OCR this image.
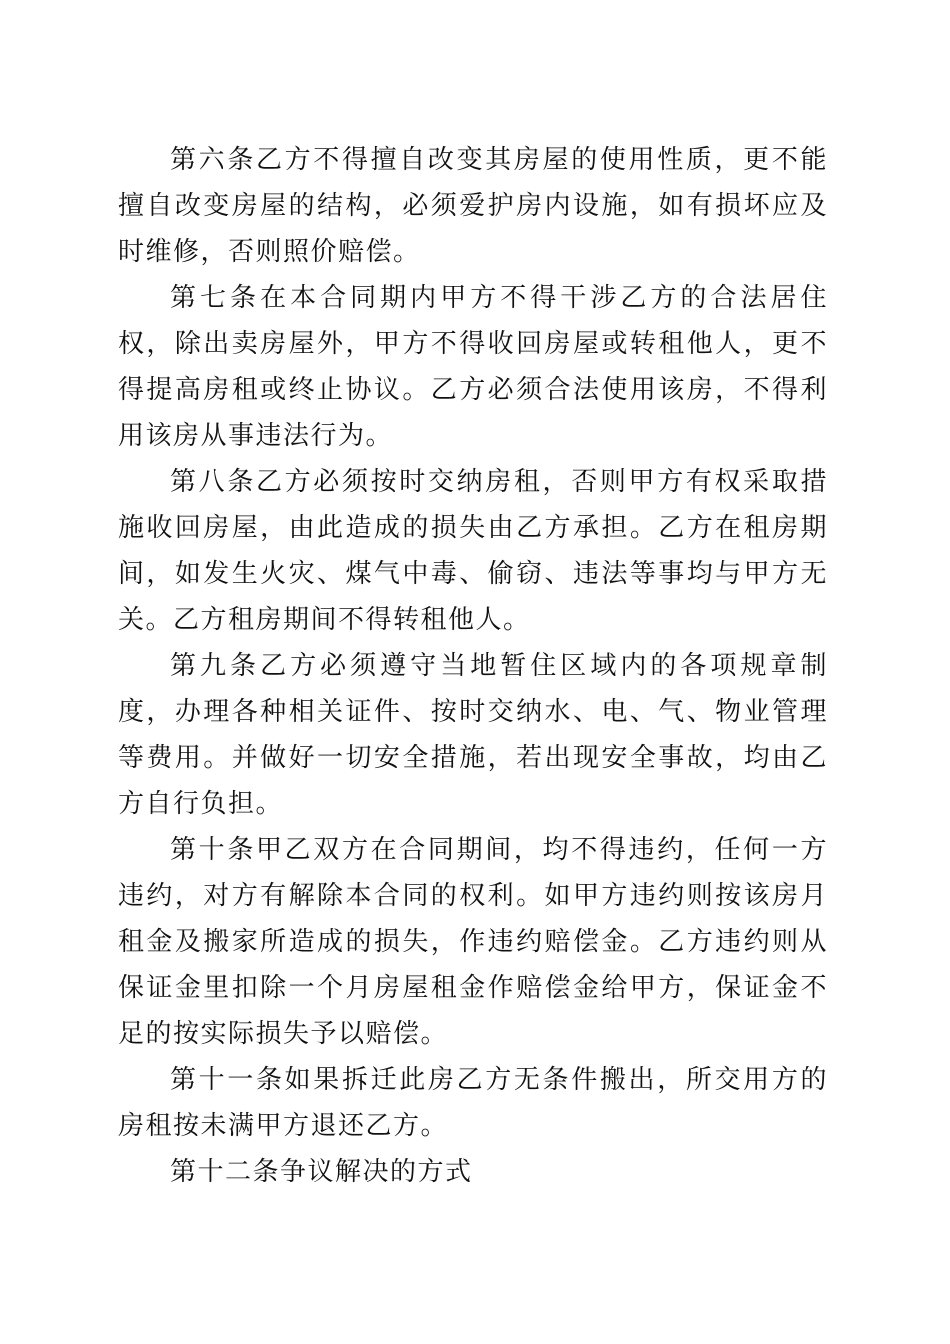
第六条乙方不得擅自改变其房屋的使用性质，更不能擅自改变房屋的结构，必须爱护房内设施，如有损坏应及时维修，否则照价赔偿。

第七条在本合同期内甲方不得干涉乙方的合法居住权，除出卖房屋外，甲方不得收回房屋或转租他人，更不得提高房租或终止协议。乙方必须合法使用该房，不得利用该房从事违法行为。

第八条乙方必须按时交纳房租，否则甲方有权采取措施收回房屋，由此造成的损失由乙方承担。乙方在租房期间，如发生火灾、煤气中毒、偷窃、违法等事均与甲方无关。乙方租房期间不得转租他人。

第九条乙方必须遵守当地暂住区域内的各项规章制度，办理各种相关证件、按时交纳水、电、气、物业管理等费用。并做好一切安全措施，若出现安全事故，均由乙方自行负担。

第十条甲乙双方在合同期间，均不得违约，任何一方违约，对方有解除本合同的权利。如甲方违约则按该房月租金及搬家所造成的损失，作违约赔偿金。乙方违约则从保证金里扣除一个月房屋租金作赔偿金给甲方，保证金不足的按实际损失予以赔偿。

第十一条如果拆迁此房乙方无条件搬出，所交用方的房租按未满甲方退还乙方。

第十二条争议解决的方式
